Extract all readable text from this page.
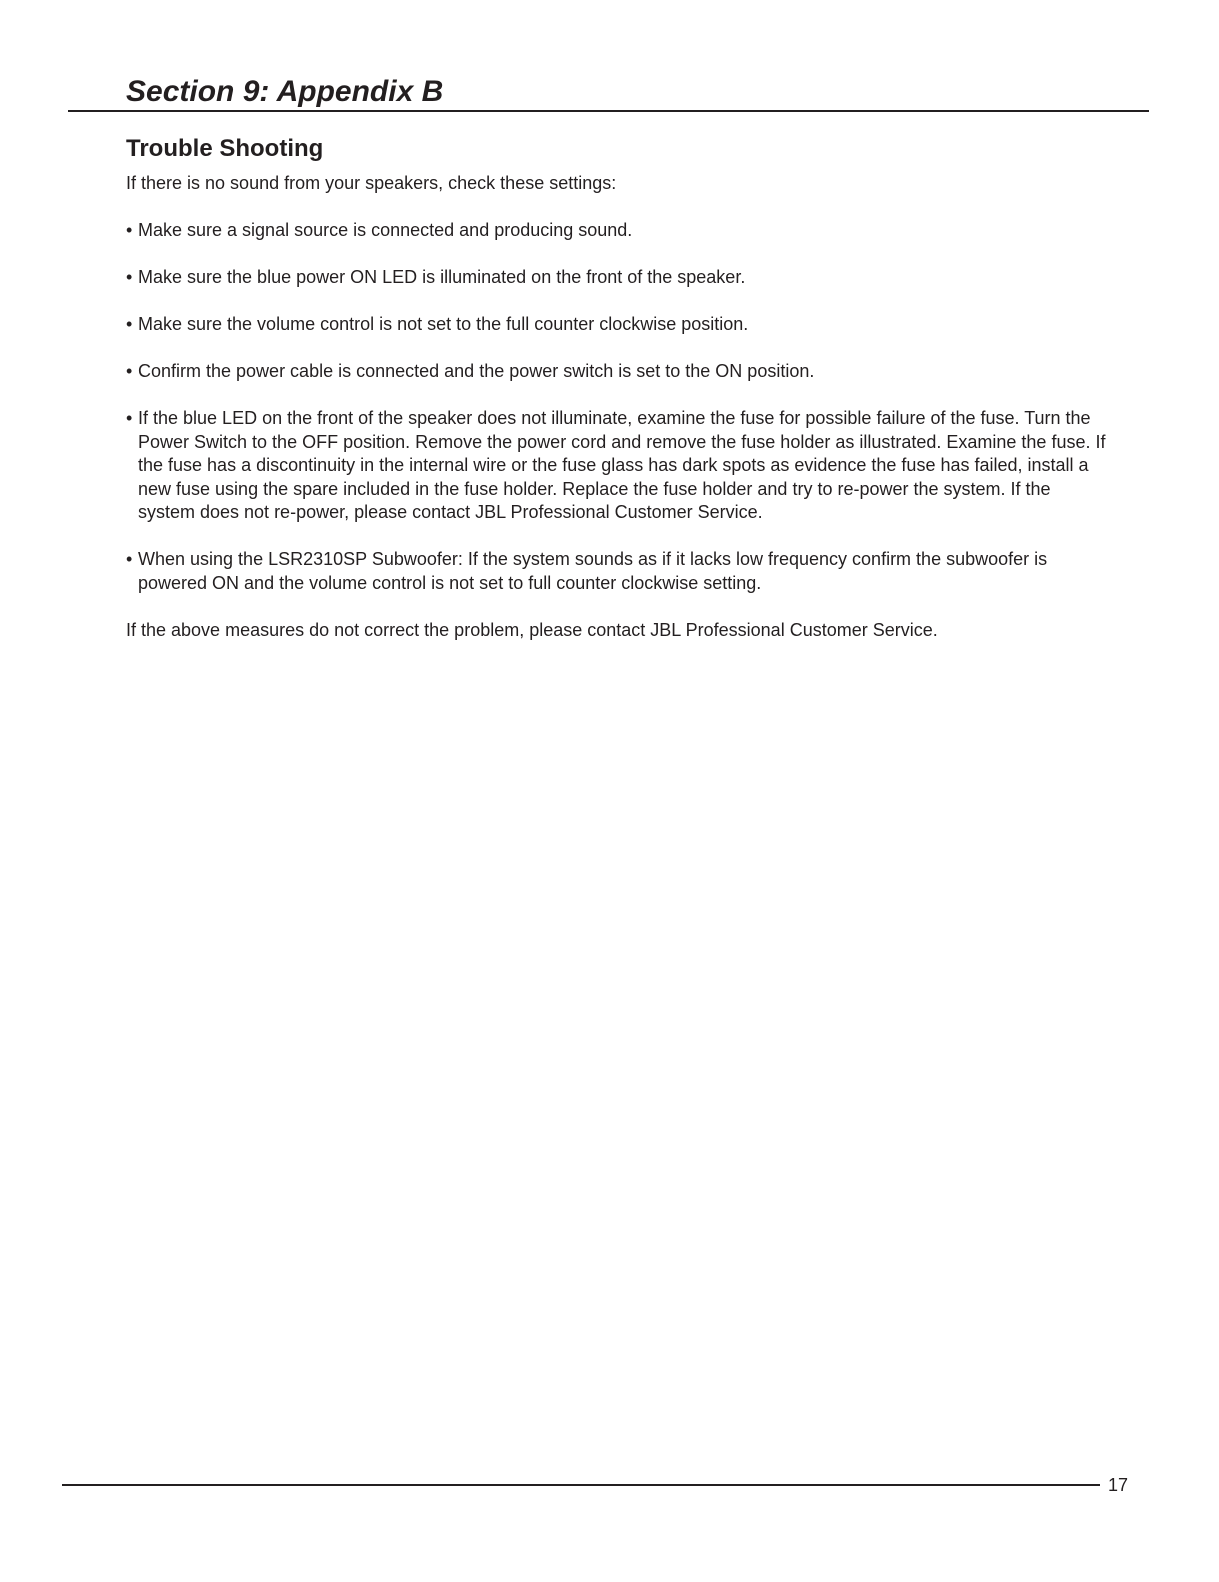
Section 9: Appendix B
Trouble Shooting

If there is no sound from your speakers, check these settings:

• Make sure a signal source is connected and producing sound.
• Make sure the blue power ON LED is illuminated on the front of the speaker.
• Make sure the volume control is not set to the full counter clockwise position.
• Confirm the power cable is connected and the power switch is set to the ON position.
• If the blue LED on the front of the speaker does not illuminate, examine the fuse for possible failure of the fuse. Turn the Power Switch to the OFF position. Remove the power cord and remove the fuse holder as illustrated. Examine the fuse. If the fuse has a discontinuity in the internal wire or the fuse glass has dark spots as evidence the fuse has failed, install a new fuse using the spare included in the fuse holder. Replace the fuse holder and try to re-power the system. If the system does not re-power, please contact JBL Professional Customer Service.
• When using the LSR2310SP Subwoofer: If the system sounds as if it lacks low frequency confirm the subwoofer is powered ON and the volume control is not set to full counter clockwise setting.

If the above measures do not correct the problem, please contact JBL Professional Customer Service.

17
